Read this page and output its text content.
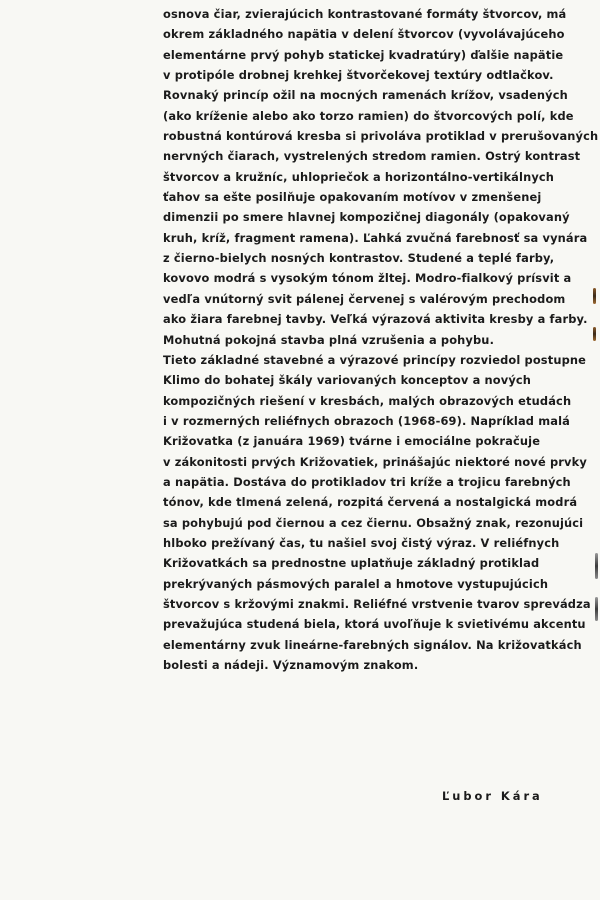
osnova čiar, zvierajúcich kontrastované formáty štvorcov, má
okrem základného napätia v delení štvorcov (vyvolávajúceho
elementárne prvý pohyb statickej kvadratúry) ďalšie napätie
v protipóle drobnej krehkej štvorčekovej textúry odtlačkov.
Rovnaký princíp ožil na mocných ramenách krížov, vsadených
(ako kríženie alebo ako torzo ramien) do štvorcových polí, kde
robustná kontúrová kresba si privoláva protiklad v prerušovaných
nervných čiarach, vystrelených stredom ramien. Ostrý kontrast
štvorcov a kružníc, uhlopriečok a horizontálno-vertikálnych
ťahov sa ešte posilňuje opakovaním motívov v zmenšenej
dimenzii po smere hlavnej kompozičnej diagonály (opakovaný
kruh, kríž, fragment ramena). Ľahká zvučná farebnosť sa vynára
z čierno-bielych nosných kontrastov. Studené a teplé farby,
kovovo modrá s vysokým tónom žltej. Modro-fialkový prísvit a
vedľa vnútorný svit pálenej červenej s valérovým prechodom
ako žiara farebnej tavby. Veľká výrazová aktivita kresby a farby.
Mohutná pokojná stavba plná vzrušenia a pohybu.
Tieto základné stavebné a výrazové princípy rozviedol postupne
Klimo do bohatej škály variovaných konceptov a nových
kompozičných riešení v kresbách, malých obrazových etudách
i v rozmerných reliéfnych obrazoch (1968-69). Napríklad malá
Križovatka (z januára 1969) tvárne i emociálne pokračuje
v zákonitosti prvých Križovatiek, prinášajúc niektoré nové prvky
a napätia. Dostáva do protikladov tri kríže a trojicu farebných
tónov, kde tlmená zelená, rozpitá červená a nostalgická modrá
sa pohybujú pod čiernou a cez čiernu. Obsažný znak, rezonujúci
hlboko prežívaný čas, tu našiel svoj čistý výraz. V reliéfnych
Križovatkách sa prednostne uplatňuje základný protiklad
prekrývaných pásmových paralel a hmotove vystupujúcich
štvorcov s kržovými znakmi. Reliéfné vrstvenie tvarov sprevádza
prevažujúca studená biela, ktorá uvoľňuje k svietivému akcentu
elementárny zvuk lineárne-farebných signálov. Na križovatkách
bolesti a nádeji. Významovým znakom.
Ľubor Kára
